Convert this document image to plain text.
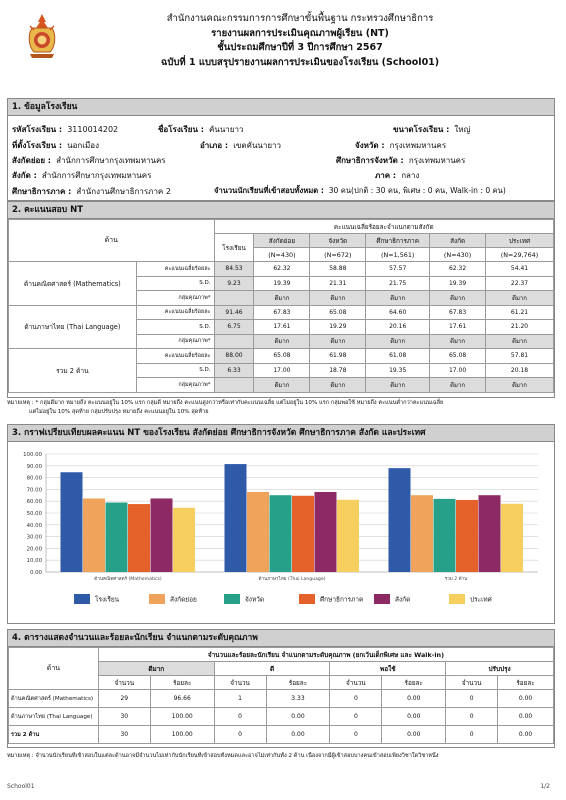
สำนักงานคณะกรรมการการศึกษาขั้นพื้นฐาน กระทรวงศึกษาธิการ
รายงานผลการประเมินคุณภาพผู้เรียน (NT)
ชั้นประถมศึกษาปีที่ 3 ปีการศึกษา 2567
ฉบับที่ 1 แบบสรุปรายงานผลการประเมินของโรงเรียน (School01)
1. ข้อมูลโรงเรียน
รหัสโรงเรียน : 3110014202	ชื่อโรงเรียน : คันนายาว	ขนาดโรงเรียน : ใหญ่
ที่ตั้งโรงเรียน : นอกเมือง	อำเภอ : เขตคันนายาว	จังหวัด : กรุงเทพมหานคร
สังกัดย่อย : สำนักการศึกษากรุงเทพมหานคร	ศึกษาธิการจังหวัด : กรุงเทพมหานคร
สังกัด : สำนักการศึกษากรุงเทพมหานคร	ภาค : กลาง
ศึกษาธิการภาค : สำนักงานศึกษาธิการภาค 2	จำนวนนักเรียนที่เข้าสอบทั้งหมด : 30 คน(ปกติ : 30 คน, พิเศษ : 0 คน, Walk-in : 0 คน)
2. คะแนนสอบ NT
ด้าน		คะแนนเฉลี่ยร้อยละจำแนกตามสังกัด					
		โรงเรียน	สังกัดย่อย	จังหวัด	ศึกษาธิการภาค	สังกัด	ประเทศ
			(N=430)	(N=672)	(N=1,561)	(N=430)	(N=29,764)
ด้านคณิตศาสตร์ (Mathematics)	คะแนนเฉลี่ยร้อยละ	84.53	62.32	58.88	57.57	62.32	54.41
	S.D.	9.23	19.39	21.31	21.75	19.39	22.37
	กลุ่มคุณภาพ*		ดีมาก	ดีมาก	ดีมาก	ดีมาก	ดีมาก
ด้านภาษาไทย (Thai Language)	คะแนนเฉลี่ยร้อยละ	91.46	67.83	65.08	64.60	67.83	61.21
	S.D.	6.75	17.61	19.29	20.16	17.61	21.20
	กลุ่มคุณภาพ*		ดีมาก	ดีมาก	ดีมาก	ดีมาก	ดีมาก
รวม 2 ด้าน	คะแนนเฉลี่ยร้อยละ	88.00	65.08	61.98	61.08	65.08	57.81
	S.D.	6.33	17.00	18.78	19.35	17.00	20.18
	กลุ่มคุณภาพ*		ดีมาก	ดีมาก	ดีมาก	ดีมาก	ดีมาก
หมายเหตุ : * กลุ่มดีมาก หมายถึง คะแนนอยู่ใน 10% แรก กลุ่มดี หมายถึง คะแนนสูงกว่าหรือเท่ากับคะแนนเฉลี่ย แต่ไม่อยู่ใน 10% แรก กลุ่มพอใช้ หมายถึง คะแนนต่ำกว่าคะแนนเฉลี่ย
แต่ไม่อยู่ใน 10% สุดท้าย กลุ่มปรับปรุง หมายถึง คะแนนอยู่ใน 10% สุดท้าย
3. กราฟเปรียบเทียบผลคะแนน NT ของโรงเรียน สังกัดย่อย ศึกษาธิการจังหวัด ศึกษาธิการภาค สังกัด และประเทศ
0.00
10.00
20.00
30.00
40.00
50.00
60.00
70.00
80.00
90.00
100.00
ด้านคณิตศาสตร์ (Mathematics)	ด้านภาษาไทย (Thai Language)	รวม 2 ด้าน
โรงเรียน	สังกัดย่อย	จังหวัด	ศึกษาธิการภาค	สังกัด	ประเทศ
4. ตารางแสดงจำนวนและร้อยละนักเรียน จำแนกตามระดับคุณภาพ
ด้าน	จำนวนและร้อยละนักเรียน จำแนกตามระดับคุณภาพ (ยกเว้นเด็กพิเศษ และ Walk-in)							
	ดีมาก		ดี		พอใช้		ปรับปรุง	
	จำนวน	ร้อยละ	จำนวน	ร้อยละ	จำนวน	ร้อยละ	จำนวน	ร้อยละ
ด้านคณิตศาสตร์ (Mathematics)	29	96.66	1	3.33	0	0.00	0	0.00
ด้านภาษาไทย (Thai Language)	30	100.00	0	0.00	0	0.00	0	0.00
รวม 2 ด้าน	30	100.00	0	0.00	0	0.00	0	0.00
หมายเหตุ : จำนวนนักเรียนที่เข้าสอบในแต่ละด้านอาจมีจำนวนไม่เท่ากับนักเรียนที่เข้าสอบทั้งหมดและอาจไม่เท่ากันทั้ง 2 ด้าน เนื่องจากมีผู้เข้าสอบบางคนเข้าสอบเพียงวิชาใดวิชาหนึ่ง
School01	1/2
